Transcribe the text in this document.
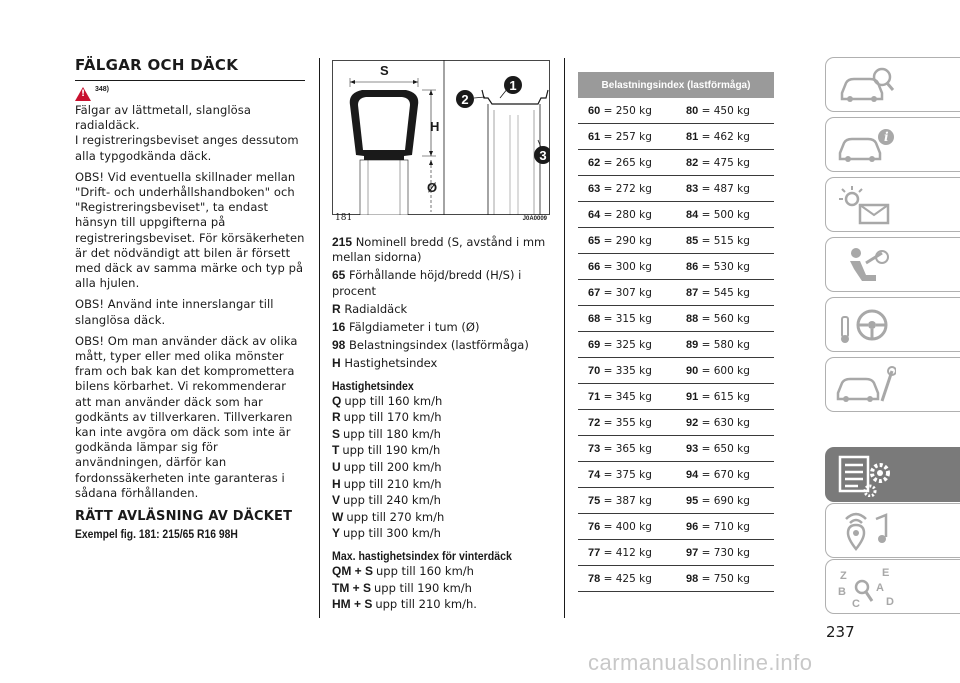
FÄLGAR OCH DÄCK
!
348)

Fälgar av lättmetall, slanglösa radialdäck.

I registreringsbeviset anges dessutom alla typgodkända däck.

OBS! Vid eventuella skillnader mellan "Drift- och underhållshandboken" och "Registreringsbeviset", ta endast hänsyn till uppgifterna på registreringsbeviset. För körsäkerheten är det nödvändigt att bilen är försett med däck av samma märke och typ på alla hjulen.

OBS! Använd inte innerslangar till slanglösa däck.

OBS! Om man använder däck av olika mått, typer eller med olika mönster fram och bak kan det kompromettera bilens körbarhet. Vi rekommenderar att man använder däck som har godkänts av tillverkaren. Tillverkaren kan inte avgöra om däck som inte är godkända lämpar sig för användningen, därför kan fordonssäkerheten inte garanteras i sådana förhållanden.

RÄTT AVLÄSNING AV DÄCKET
Exempel fig. 181: 215/65 R16 98H
S
H
Ø
1
2
3
181	J0A0009
215 Nominell bredd (S, avstånd i mm mellan sidorna)
65 Förhållande höjd/bredd (H/S) i procent
R Radialdäck
16 Fälgdiameter i tum (Ø)
98 Belastningsindex (lastförmåga)
H Hastighetsindex
Hastighetsindex
Q upp till 160 km/h
R upp till 170 km/h
S upp till 180 km/h
T upp till 190 km/h
U upp till 200 km/h
H upp till 210 km/h
V upp till 240 km/h
W upp till 270 km/h
Y upp till 300 km/h
Max. hastighetsindex för vinterdäck
QM + S upp till 160 km/h
TM + S upp till 190 km/h
HM + S upp till 210 km/h.
Belastningsindex (lastförmåga)
60 = 250 kg	80 = 450 kg
61 = 257 kg	81 = 462 kg
62 = 265 kg	82 = 475 kg
63 = 272 kg	83 = 487 kg
64 = 280 kg	84 = 500 kg
65 = 290 kg	85 = 515 kg
66 = 300 kg	86 = 530 kg
67 = 307 kg	87 = 545 kg
68 = 315 kg	88 = 560 kg
69 = 325 kg	89 = 580 kg
70 = 335 kg	90 = 600 kg
71 = 345 kg	91 = 615 kg
72 = 355 kg	92 = 630 kg
73 = 365 kg	93 = 650 kg
74 = 375 kg	94 = 670 kg
75 = 387 kg	95 = 690 kg
76 = 400 kg	96 = 710 kg
77 = 412 kg	97 = 730 kg
78 = 425 kg	98 = 750 kg
237
i
Z	E
B	A
C D
carmanualsonline.info
